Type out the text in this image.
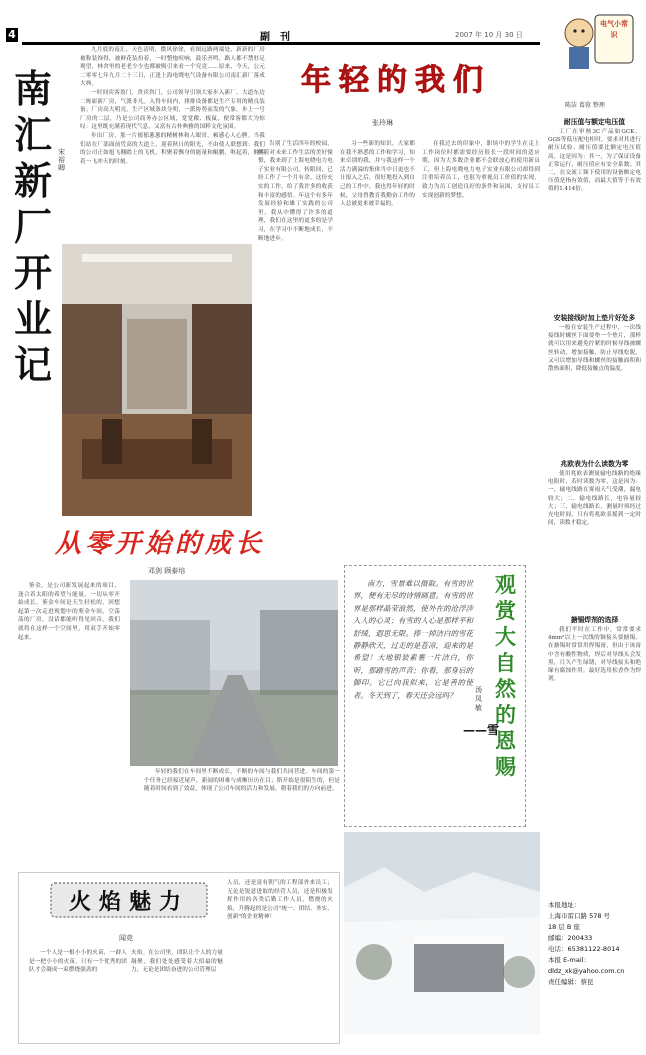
4	副刊	2007 年 10 月 30 日
南汇新厂开业记
宋裕卿

九月底的南汇，天色清明，微风徐徐，看图远路两端处，新新的厂房被称装饰得，被鲜花装扮着，一时整炮喧响，鼓乐齐鸣，路人都不禁驻足观望，林舍里的老老少少也都被吸引来看一个究竟……原来，今天，公元二零零七年九月二十三日，正逢上海电晓电气设备有限公司南汇新厂落成大典。

一时间宾客盈门，贵宾咨门，公司领导引领大家步入新厂，大道东边二栋崭新厂房，气派非凡。入得车间内，排排设备都是生产专用的精良装备；厂房高大明亮，生产区域条块分明，一派协势而发的气象。步上一号厂房的二层，乃是公司商务办公区域，宽宽敞、板鼠，便常客都大为惊叹：这里既充满着现代气息，又富有古朴典雅的国粹文化氛围。

步出厂房，那一片郁郁葱葱的精树林和人眼帘，顿感心人心脾。当我们站在厂部面前凭高的大道上，迎着秋日的阳光，不由使人联想到：我们的公司正如旭飞翱踏上的飞机，积聚着飘身的能量和鲲鹏，呕起着，翱翔着一飞冲天的时刻。

年轻的我们
张玲琳
告别了生活四年的校园，怀着对未来工作生活的美好憧憬，我来到了上海电晓电力电子实业有限公司。转眼间，已经工作了一个月有余。这份充实的工作，给了我许多的收获和丰富的感悟。年这个有多年发展经验和雄丁实践的公司里，我从中懂得了许多的道理，我们在这里的更多的是学习，在学习中不断地成长，不断地进步。
习一些新的知识。大家都在我不熟悉的工作和学习，知来卓别的我，并与我这样一个活力满溢的集体当中日更也不计报入之后，很好地投入到自己的工作中。我也得年轻的时候，父母曾教育我勤奋工作的人总被更来被幸福的。
在我过去的印象中，职场中的学生在走上工作岗位时都需要经历很长一段时间的适应期，因为大多数企业都不会联放心的使用新员工，但上海电晓电力电子实业有限公司却得到注重培养员工，也很为重视员工价值的实现，致力为员工创造良好的条件和氛围，支持员工实现创新的梦想。
从零开始的成长
邓剑 顾泰培
鉴金，是公司新发展起来的项目，逢合着太阳的希望与能量，一切从零开始成长。鉴金车间是天生轻松的，回想起第一次走进现划中的鉴金车间，空荡荡的厂房，没话都能听得见回音，我们就将在这样一个空间里，用双手开始零起来。
年轻的我们在车间里不断成长，不断的车间与我们共同营进。车间的第一个任务已经接近尾声，新闻的困难与成晰历历在目；斯开始是很陌生的，但是随着时间看到了效益，体现了公司车间的活力和发展，朝着我们的方向前进。
南方，雪景难以摄取。有雪的世界，便有无尽的诗情画意。有雪的世界是那样晶莹浪然，使外在的沧浮涉入人的心灵；有雪的人心是那样平和舒缓，遐思无限。捧一掉洁白的雪花静静欣天，过走的是苍凉，迎来的是希望！大地银装素裹一片洁白，你听，那踏雪的声音；你看，那身后的脚印。它已向我似来，它是善的使者。冬天到了，春天还会远吗？
汤凤敏
——雪
观赏大自然的恩赐
火焰魅力
闻竞
一个人是一根小小的火苗，一群人是一把小小的火苗，只有一个优秀的团队才会凝成一束燃烧强劲的
火焰。在公司里，团队让个人的力量凝聚，我们处处感受着大招最的魅力，无论是团结奋进的公司管理层
人员，还是富有朝气的工程部外来员工；无论是锐意进取的经营人员，还是积极发挥作用的各类后勤工作人员，燃烧的火焰，升腾起的是公司"统一、团结、务实、创新"的企业精神！
电气小常识
陈洁 葛蓉 整理
耐压值与额定电压值
工厂在审核3C产品如GCK、GGS等低压配电柜时，要求对其进行耐压试验。耐压值要比额定电压值高，这是因为：其一，为了保证设备正常运行，耐压值应有安全系数；其二，在交流工频下使用的设备额定电压值是指有效值，而最大值等于有效值的1.414倍。
安装接线时加上垫片好处多
一般在安装生产过程中，一次线接线时螺丝下面要垫一个垫片，那样就可以用来避免拧紧的时候导线被螺丝转动，增加接触，防止导线松脱，又可以增加导线和螺丝的接触面积和散热面积，降低接触点的温度。
兆欧表为什么读数为零
使用兆欧表测量输电线路的绝缘电阻时，若时读数为零，这是因为：一，输电线路在雾雨天气受潮，漏电较大；二，输电线路长，电容量较大；三，输电线路长，测量时须经过充电时间，只有将兆欧表摇到一定时间，读数才稳定。
搪锡焊剂的选择
我们平时在工作中，常常要求4mm²以上一次线的铜接头要搪锡。在搪锡时常常用焊锡膏，但由于该膏中含有酸性物质，焊后对导线头会发黑，日久产生绿锈，对导线接头和绝缘有腐蚀作用。最好选用松香作为焊剂。
本报地址：
上海市雷口路 578 号
18 层 B 座
邮编：200433
电话：65381122-8014
本报 E-mail：
dldz_xk@yahoo.com.cn
责任编辑：蔡昆
